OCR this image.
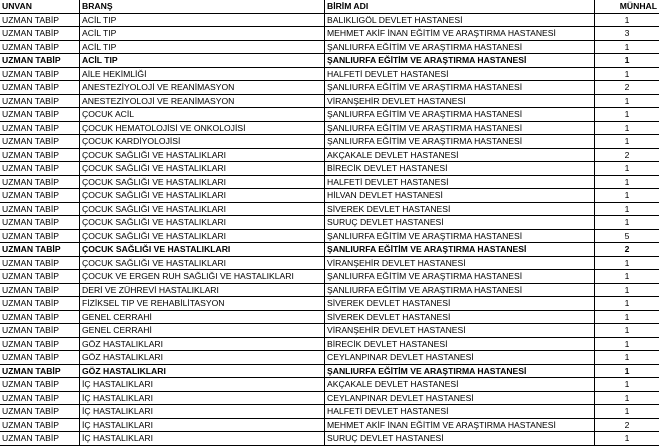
UNVAN	BRANŞ	BİRİM ADI	MÜNHAL
UZMAN TABİP	ACİL TIP	BALIKLIGÖL DEVLET HASTANESİ	1
UZMAN TABİP	ACİL TIP	MEHMET AKİF İNAN EĞİTİM VE ARAŞTIRMA HASTANESİ	3
UZMAN TABİP	ACİL TIP	ŞANLIURFA EĞİTİM VE ARAŞTIRMA HASTANESİ	1
UZMAN TABİP	ACİL TIP	ŞANLIURFA EĞİTİM VE ARAŞTIRMA HASTANESİ	1
UZMAN TABİP	AİLE HEKİMLİĞİ	HALFETİ DEVLET HASTANESİ	1
UZMAN TABİP	ANESTEZİYOLOJİ VE REANİMASYON	ŞANLIURFA EĞİTİM VE ARAŞTIRMA HASTANESİ	2
UZMAN TABİP	ANESTEZİYOLOJİ VE REANİMASYON	VİRANŞEHİR DEVLET HASTANESİ	1
UZMAN TABİP	ÇOCUK ACİL	ŞANLIURFA EĞİTİM VE ARAŞTIRMA HASTANESİ	1
UZMAN TABİP	ÇOCUK HEMATOLOJİSİ VE ONKOLOJİSİ	ŞANLIURFA EĞİTİM VE ARAŞTIRMA HASTANESİ	1
UZMAN TABİP	ÇOCUK KARDİYOLOJİSİ	ŞANLIURFA EĞİTİM VE ARAŞTIRMA HASTANESİ	1
UZMAN TABİP	ÇOCUK SAĞLIĞI VE HASTALIKLARI	AKÇAKALE DEVLET HASTANESİ	2
UZMAN TABİP	ÇOCUK SAĞLIĞI VE HASTALIKLARI	BİRECİK DEVLET HASTANESİ	1
UZMAN TABİP	ÇOCUK SAĞLIĞI VE HASTALIKLARI	HALFETİ DEVLET HASTANESİ	1
UZMAN TABİP	ÇOCUK SAĞLIĞI VE HASTALIKLARI	HİLVAN DEVLET HASTANESİ	1
UZMAN TABİP	ÇOCUK SAĞLIĞI VE HASTALIKLARI	SİVEREK DEVLET HASTANESİ	1
UZMAN TABİP	ÇOCUK SAĞLIĞI VE HASTALIKLARI	SURUÇ DEVLET HASTANESİ	1
UZMAN TABİP	ÇOCUK SAĞLIĞI VE HASTALIKLARI	ŞANLIURFA EĞİTİM VE ARAŞTIRMA HASTANESİ	5
UZMAN TABİP	ÇOCUK SAĞLIĞI VE HASTALIKLARI	ŞANLIURFA EĞİTİM VE ARAŞTIRMA HASTANESİ	2
UZMAN TABİP	ÇOCUK SAĞLIĞI VE HASTALIKLARI	VİRANŞEHİR DEVLET HASTANESİ	1
UZMAN TABİP	ÇOCUK VE ERGEN RUH SAĞLIĞI VE HASTALIKLARI	ŞANLIURFA EĞİTİM VE ARAŞTIRMA HASTANESİ	1
UZMAN TABİP	DERİ VE ZÜHREVİ HASTALIKLARI	ŞANLIURFA EĞİTİM VE ARAŞTIRMA HASTANESİ	1
UZMAN TABİP	FİZİKSEL TIP VE REHABİLİTASYON	SİVEREK DEVLET HASTANESİ	1
UZMAN TABİP	GENEL CERRAHİ	SİVEREK DEVLET HASTANESİ	1
UZMAN TABİP	GENEL CERRAHİ	VİRANŞEHİR DEVLET HASTANESİ	1
UZMAN TABİP	GÖZ HASTALIKLARI	BİRECİK DEVLET HASTANESİ	1
UZMAN TABİP	GÖZ HASTALIKLARI	CEYLANPINAR DEVLET HASTANESİ	1
UZMAN TABİP	GÖZ HASTALIKLARI	ŞANLIURFA EĞİTİM VE ARAŞTIRMA HASTANESİ	1
UZMAN TABİP	İÇ HASTALIKLARI	AKÇAKALE DEVLET HASTANESİ	1
UZMAN TABİP	İÇ HASTALIKLARI	CEYLANPINAR DEVLET HASTANESİ	1
UZMAN TABİP	İÇ HASTALIKLARI	HALFETİ DEVLET HASTANESİ	1
UZMAN TABİP	İÇ HASTALIKLARI	MEHMET AKİF İNAN EĞİTİM VE ARAŞTIRMA HASTANESİ	2
UZMAN TABİP	İÇ HASTALIKLARI	SURUÇ DEVLET HASTANESİ	1
